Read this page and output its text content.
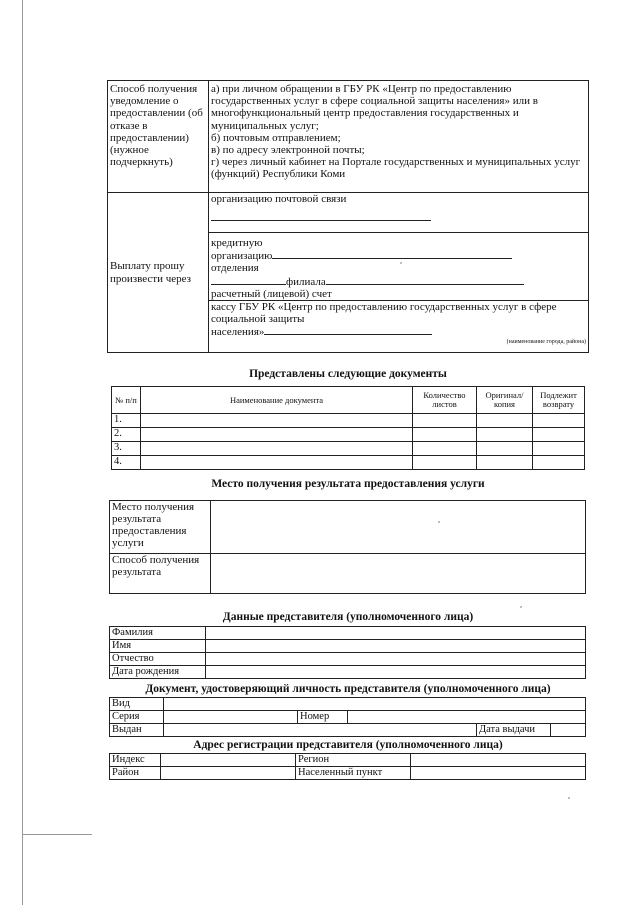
Способ получения уведомление о предоставлении (об отказе в предоставлении) (нужное подчеркнуть)	а) при личном обращении в ГБУ РК «Центр по предоставлению государственных услуг в сфере социальной защиты населения» или в многофункциональный центр предоставления государственных и муниципальных услуг;
б) почтовым отправлением;
в) по адресу электронной почты;
г) через личный кабинет на Портале государственных и муниципальных услуг (функций) Республики Коми

Выплату прошу произвести через	организацию почтовой связи

	кредитную
организацию
отделения
филиала
расчетный (лицевой) счет

	кассу ГБУ РК «Центр по предоставлению государственных услуг в сфере социальной защиты
населения»
(наименование города, района)
Представлены следующие документы
№ п/п	Наименование документа	Количество листов	Оригинал/ копия	Подлежит возврату
1.				
2.				
3.				
4.				
Место получения результата предоставления услуги
Место получения результата предоставления услуги	
Способ получения результата	
Данные представителя (уполномоченного лица)
Фамилия	
Имя	
Отчество	
Дата рождения	
Документ, удостоверяющий личность представителя (уполномоченного лица)
Вид					
Серия		Номер			
Выдан				Дата выдачи	
Адрес регистрации представителя (уполномоченного лица)
Индекс		Регион	
Район		Населенный пункт	
